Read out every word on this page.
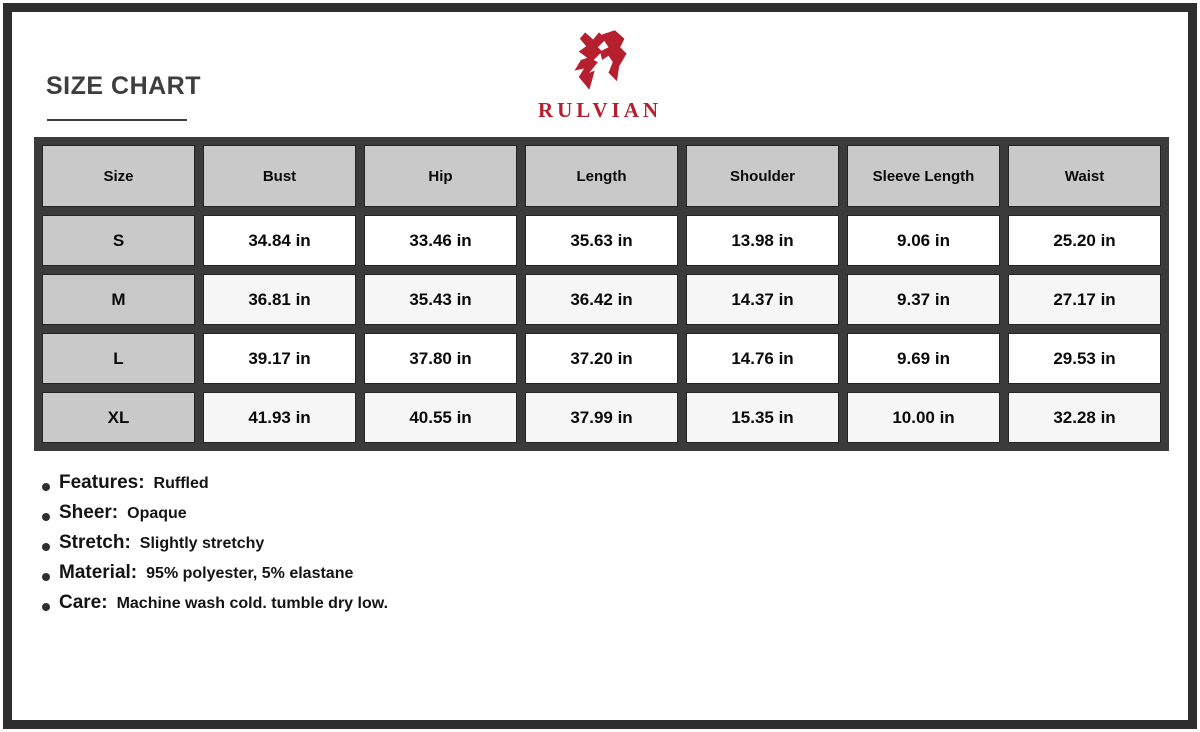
SIZE CHART
RULVIAN
Size	Bust	Hip	Length	Shoulder	Sleeve Length	Waist
S	34.84 in	33.46 in	35.63 in	13.98 in	9.06 in	25.20 in
M	36.81 in	35.43 in	36.42 in	14.37 in	9.37 in	27.17 in
L	39.17 in	37.80 in	37.20 in	14.76 in	9.69 in	29.53 in
XL	41.93 in	40.55 in	37.99 in	15.35 in	10.00 in	32.28 in
Features: Ruffled
Sheer: Opaque
Stretch: Slightly stretchy
Material: 95% polyester, 5% elastane
Care: Machine wash cold. tumble dry low.
